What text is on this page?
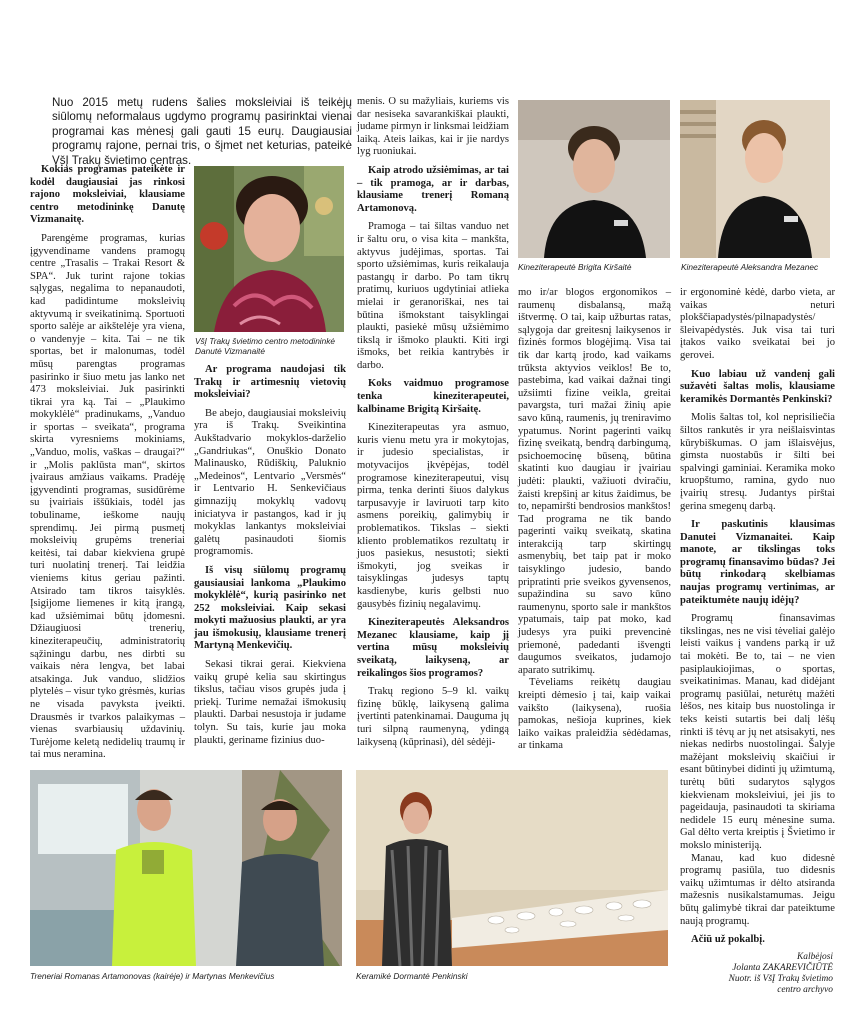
Nuo 2015 metų rudens šalies moksleiviai iš teikėjų siūlomų neformalaus ugdymo programų pasirinktai vienai programai kas mėnesį gali gauti 15 eurų. Daugiausiai programų rajone, pernai tris, o šįmet net keturias, pateikė VšĮ Trakų švietimo centras.

Kokias programas pateikėte ir kodėl daugiausiai jas rinkosi rajono moksleiviai, klausiame centro metodininkę Danutę Vizmanaitę.

Parengėme programas, kurias įgyvendiname vandens pramogų centre „Trasalis – Trakai Resort & SPA“. Juk turint rajone tokias sąlygas, negalima to nepanaudoti, kad padidintume moksleivių aktyvumą ir sveikatinimą. Sportuoti sporto salėje ar aikštelėje yra viena, o vandenyje – kita. Tai – ne tik sportas, bet ir malonumas, todėl mūsų parengtas programas pasirinko ir šiuo metu jas lanko net 473 moksleiviai. Juk pasirinkti tikrai yra ką. Tai – „Plaukimo mokyklėlė“ pradinukams, „Vanduo ir sportas – sveikata“, programa skirta vyresniems mokiniams, „Vanduo, molis, vaškas – draugai?“ ir „Molis paklūsta man“, skirtos įvairaus amžiaus vaikams. Pradėję įgyvendinti programas, susidūrėme su įvairiais iššūkiais, todėl jas tobuliname, ieškome naujų sprendimų. Jei pirmą pusmetį moksleivių grupėms treneriai keitėsi, tai dabar kiekviena grupė turi nuolatinį trenerį. Tai leidžia vieniems kitus geriau pažinti. Atsirado tam tikros taisyklės. Įsigijome liemenes ir kitą įrangą, kad užsiėmimai būtų įdomesni. Džiaugiuosi trenerių, kineziterapeučių, administratorių sąžiningu darbu, nes dirbti su vaikais nėra lengva, bet labai atsakinga. Juk vanduo, slidžios plytelės – visur tyko grėsmės, kurias ne visada pavyksta įveikti. Drausmės ir tvarkos palaikymas – vienas svarbiausių uždavinių. Turėjome keletą nedidelių traumų ir tai mus neramina.

VšĮ Trakų švietimo centro metodininkė Danutė Vizmanaitė

Ar programa naudojasi tik Trakų ir artimesnių vietovių moksleiviai?

Be abejo, daugiausiai moksleivių yra iš Trakų. Sveikintina Aukštadvario mokyklos-darželio „Gandriukas“, Onuškio Donato Malinausko, Rūdiškių, Paluknio „Medeinos“, Lentvario „Versmės“ ir Lentvario H. Senkevičiaus gimnazijų mokyklų vadovų iniciatyva ir pastangos, kad ir jų mokyklas lankantys moksleiviai galėtų pasinaudoti šiomis programomis.

Iš visų siūlomų programų gausiausiai lankoma „Plaukimo mokyklėlė“, kurią pasirinko net 252 moksleiviai. Kaip sekasi mokyti mažuosius plaukti, ar yra jau išmokusių, klausiame trenerį Martyną Menkevičių.

Sekasi tikrai gerai. Kiekviena vaikų grupė kelia sau skirtingus tikslus, tačiau visos grupės juda į priekį. Turime nemažai išmokusių plaukti. Darbai nesustoja ir judame tolyn. Su tais, kurie jau moka plaukti, geriname fizinius duo-

menis. O su mažyliais, kuriems vis dar nesiseka savarankiškai plaukti, judame pirmyn ir linksmai leidžiam laiką. Ateis laikas, kai ir jie nardys lyg ruoniukai.

Kaip atrodo užsiėmimas, ar tai – tik pramoga, ar ir darbas, klausiame trenerį Romaną Artamonovą.

Pramoga – tai šiltas vanduo net ir šaltu oru, o visa kita – mankšta, aktyvus judėjimas, sportas. Tai sporto užsiėmimas, kuris reikalauja pastangų ir darbo. Po tam tikrų pratimų, kuriuos ugdytiniai atlieka mielai ir geranoriškai, nes tai būtina išmokstant taisyklingai plaukti, pasiekė mūsų užsiėmimo tikslą ir išmoko plaukti. Kiti irgi išmoks, bet reikia kantrybės ir darbo.

Koks vaidmuo programose tenka kineziterapeutei, kalbiname Brigitą Kiršaitę.

Kineziterapeutas yra asmuo, kuris vienu metu yra ir mokytojas, ir judesio specialistas, ir motyvacijos įkvėpėjas, todėl programose kineziterapeutui, visų pirma, tenka derinti šiuos dalykus tarpusavyje ir laviruoti tarp kito asmens poreikių, galimybių ir problematikos. Tikslas – siekti kliento problematikos rezultatų ir juos pasiekus, nesustoti; siekti išmokyti, jog sveikas ir taisyklingas judesys taptų kasdienybe, kuris gelbsti nuo gausybės fizinių negalavimų.

Kineziterapeutės Aleksandros Mezanec klausiame, kaip jį vertina mūsų moksleivių sveikatą, laikyseną, ar reikalingos šios programos?

Trakų regiono 5–9 kl. vaikų fizinę būklę, laikyseną galima įvertinti patenkinamai. Dauguma jų turi silpną raumenyną, ydingą laikyseną (kūprinasi), dėl sėdėji-

Kineziterapeutė Brigita Kiršaitė	Kineziterapeutė Aleksandra Mezanec

mo ir/ar blogos ergonomikos – raumenų disbalansą, mažą ištvermę. O tai, kaip užburtas ratas, sąlygoja dar greitesnį laikysenos ir fizinės formos blogėjimą. Visa tai tik dar kartą įrodo, kad vaikams trūksta aktyvios veiklos! Be to, pastebima, kad vaikai dažnai tingi užsiimti fizine veikla, greitai pavargsta, turi mažai žinių apie savo kūną, raumenis, jų treniravimo ypatumus. Norint pagerinti vaikų fizinę sveikatą, bendrą darbingumą, psichoemocinę būseną, būtina skatinti kuo daugiau ir įvairiau judėti: plaukti, važiuoti dviračiu, žaisti krepšinį ar kitus žaidimus, be to, nepamiršti bendrosios mankštos! Tad programa ne tik bando pagerinti vaikų sveikatą, skatina interakciją tarp skirtingų asmenybių, bet taip pat ir moko taisyklingo judesio, bando pripratinti prie sveikos gyvensenos, supažindina su savo kūno raumenynu, sporto sale ir mankštos ypatumais, taip pat moko, kad judesys yra puiki prevencinė priemonė, padedanti išvengti daugumos sveikatos, judamojo aparato sutrikimų.

Tėveliams reikėtų daugiau kreipti dėmesio į tai, kaip vaikai vaikšto (laikysena), ruošia pamokas, nešioja kuprines, kiek laiko vaikas praleidžia sėdėdamas, ar tinkama

ir ergonominė kėdė, darbo vieta, ar vaikas neturi plokščiapadystės/pilnapadystės/šleivapėdystės. Juk visa tai turi įtakos vaiko sveikatai bei jo gerovei.

Kuo labiau už vandenį gali sužavėti šaltas molis, klausiame keramikės Dormantės Penkinski?

Molis šaltas tol, kol neprisiliečia šiltos rankutės ir yra neišlaisvintas kūrybiškumas. O jam išlaisvėjus, gimsta nuostabūs ir šilti bei spalvingi gaminiai. Keramika moko kruopštumo, ramina, gydo nuo įvairių stresų. Judantys pirštai gerina smegenų darbą.

Ir paskutinis klausimas Danutei Vizmanaitei. Kaip manote, ar tikslingas toks programų finansavimo būdas? Jei būtų rinkodarą skelbiamas naujas programų vertinimas, ar pateiktumėte naujų idėjų?

Programų finansavimas tikslingas, nes ne visi tėveliai galėjo leisti vaikus į vandens parką ir už tai mokėti. Be to, tai – ne vien pasiplaukiojimas, o sportas, sveikatinimas. Manau, kad didėjant programų pasiūlai, neturėtų mažėti lėšos, nes kitaip bus nuostolinga ir teks keisti sutartis bei dalį lėšų rinkti iš tėvų ar jų net atsisakyti, nes niekas nedirbs nuostolingai. Šalyje mažėjant moksleivių skaičiui ir esant būtinybei didinti jų užimtumą, turėtų būti sudarytos sąlygos kiekvienam moksleiviui, jei jis to pageidauja, pasinaudoti ta skiriama nedidele 15 eurų mėnesine suma. Gal dėlto verta kreiptis į Švietimo ir mokslo ministeriją.

Manau, kad kuo didesnė programų pasiūla, tuo didesnis vaikų užimtumas ir dėlto atsiranda mažesnis nusikalstamumas. Jeigu būtų galimybė tikrai dar pateiktume naują programų.

Ačiū už pokalbį.

Kalbėjosi
Jolanta ZAKAREVIČIŪTĖ
Nuotr. iš VšĮ Trakų švietimo
centro archyvo
Treneriai Romanas Artamonovas (kairėje) ir Martynas Menkevičius	Keramikė Dormantė Penkinski
